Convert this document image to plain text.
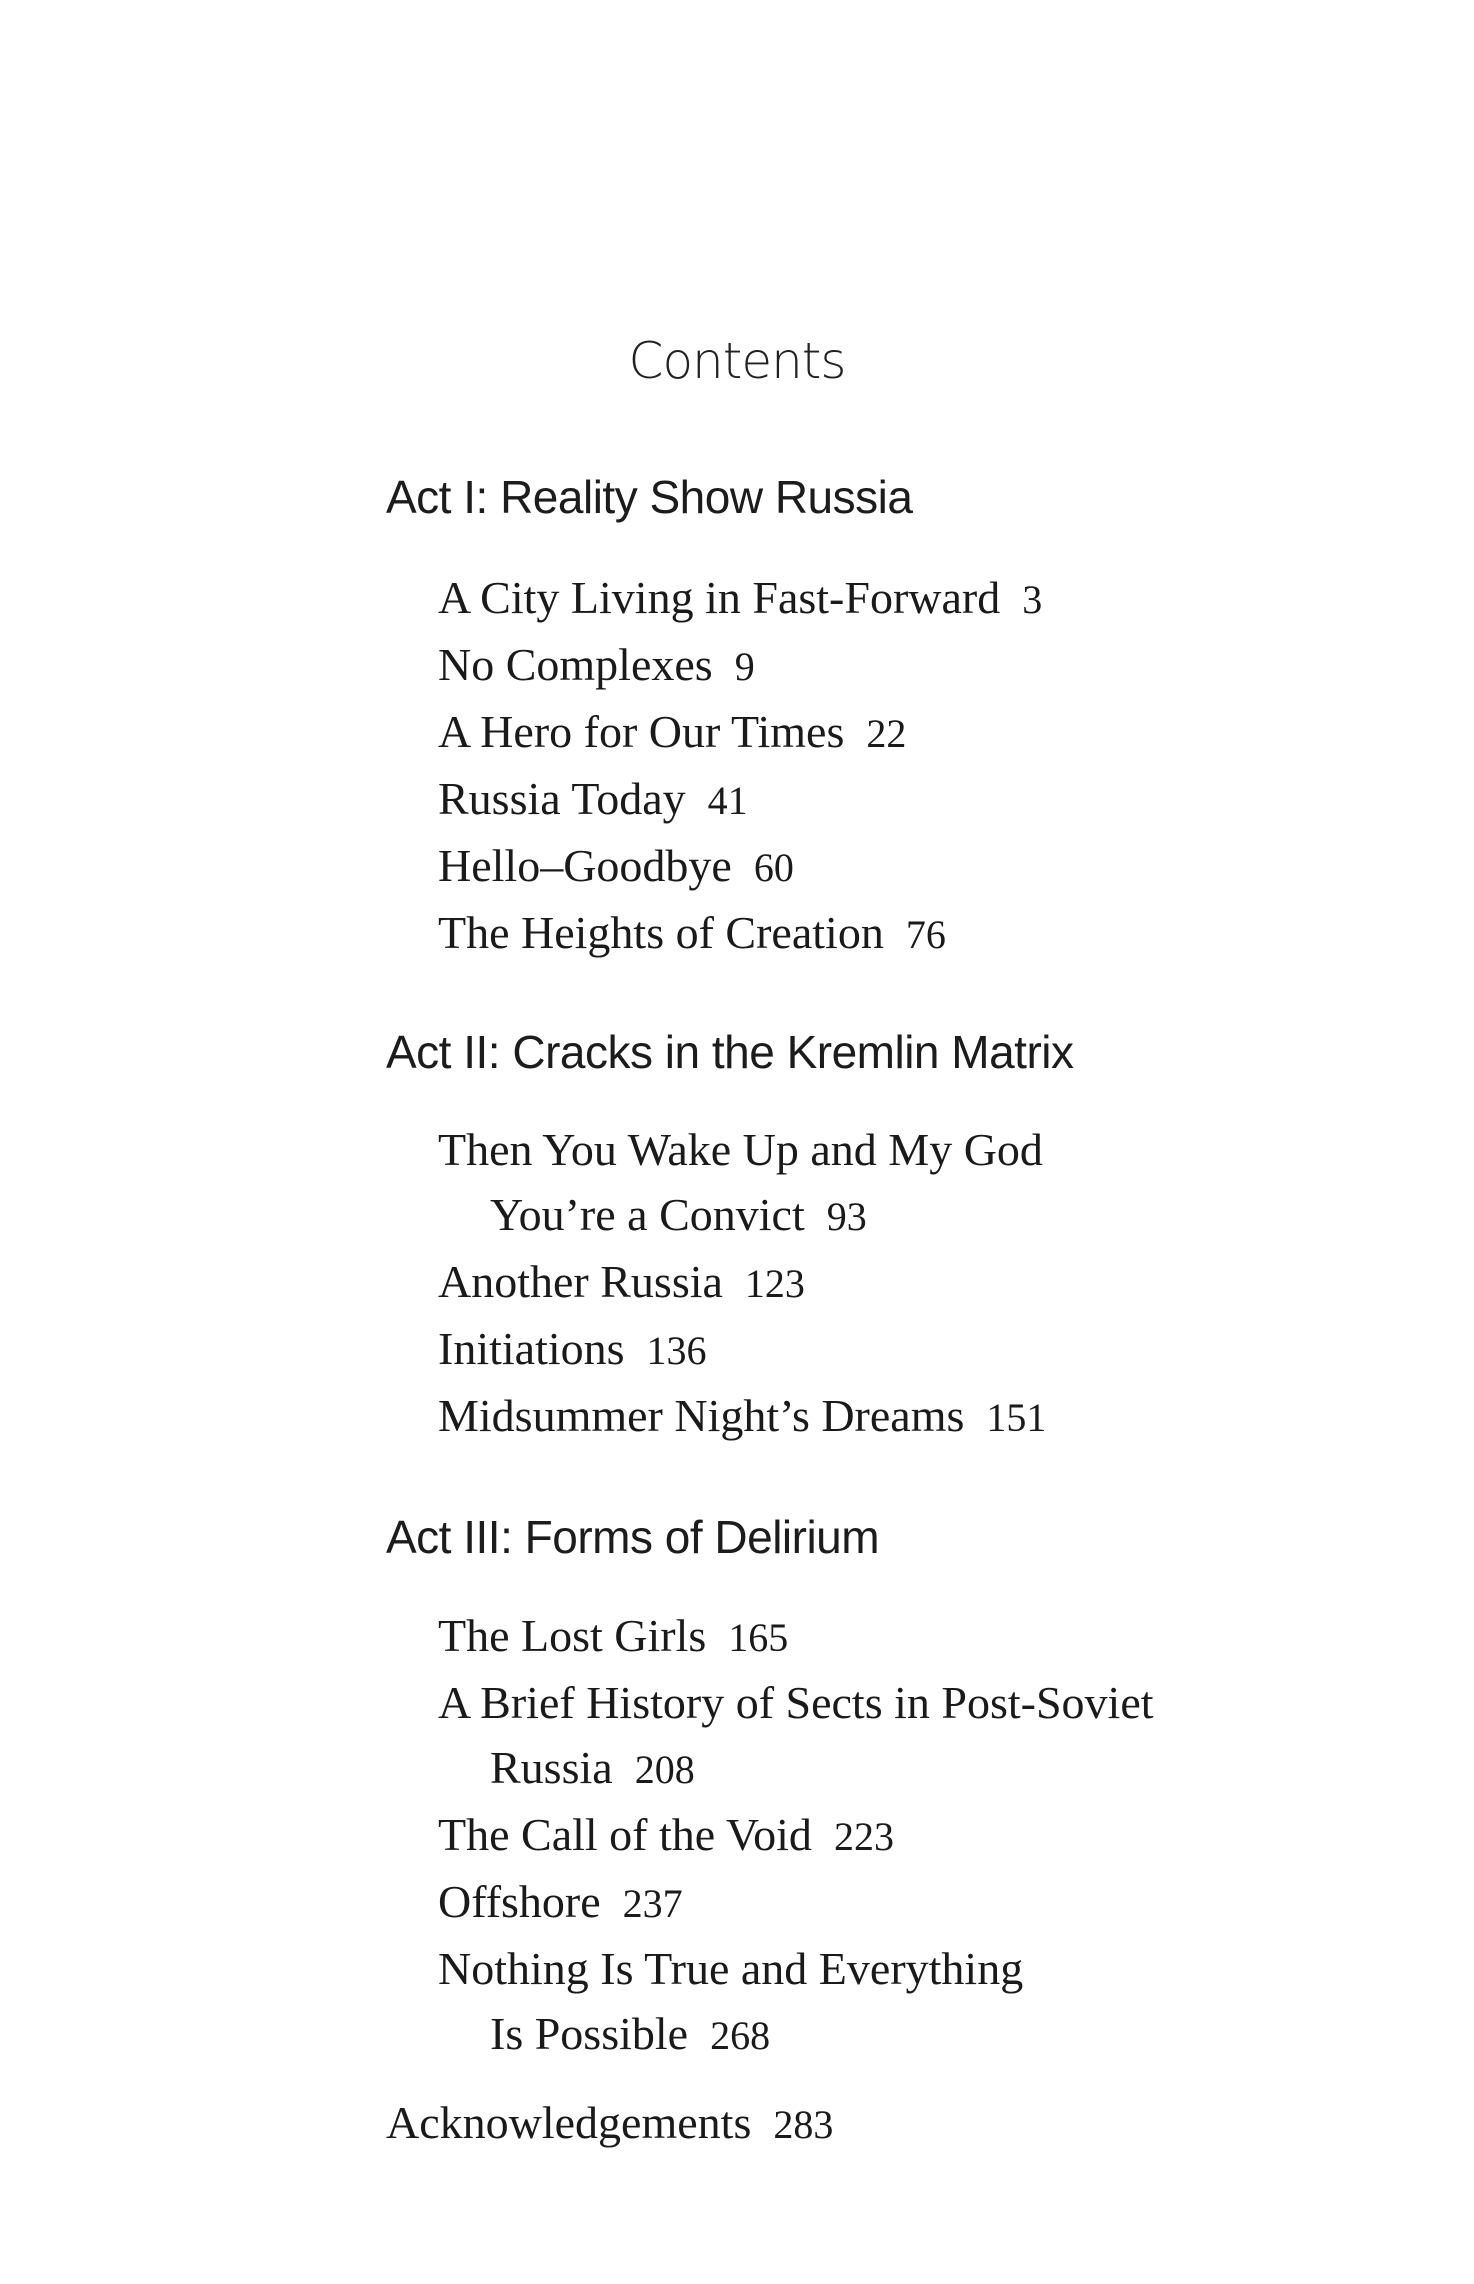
Contents
Act I: Reality Show Russia
A City Living in Fast-Forward 3
No Complexes 9
A Hero for Our Times 22
Russia Today 41
Hello–Goodbye 60
The Heights of Creation 76
Act II: Cracks in the Kremlin Matrix
Then You Wake Up and My God
You’re a Convict 93
Another Russia 123
Initiations 136
Midsummer Night’s Dreams 151
Act III: Forms of Delirium
The Lost Girls 165
A Brief History of Sects in Post-Soviet
Russia 208
The Call of the Void 223
Offshore 237
Nothing Is True and Everything
Is Possible 268
Acknowledgements 283
